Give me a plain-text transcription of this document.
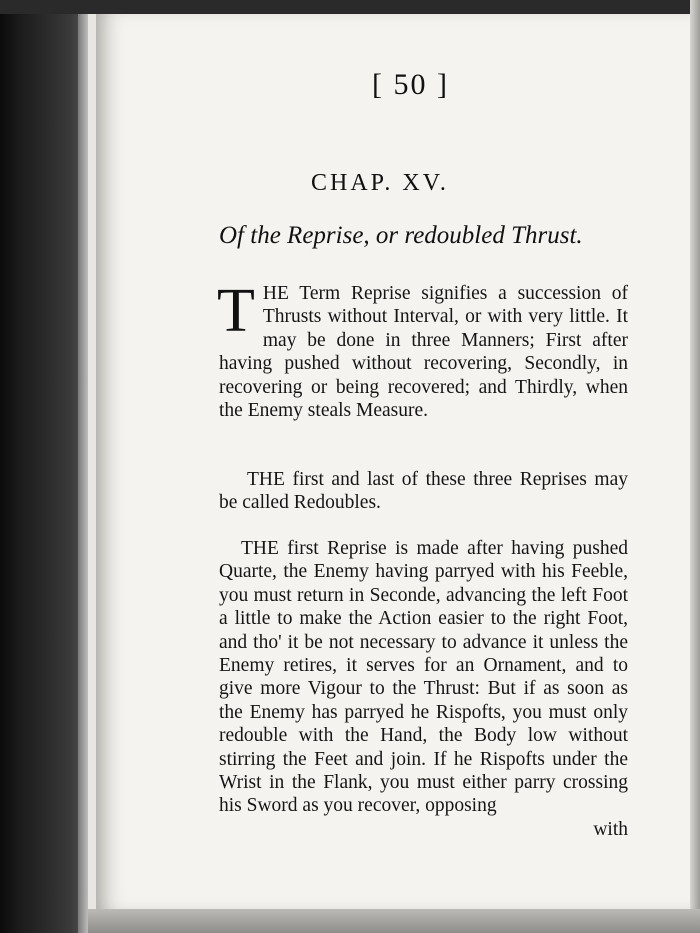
[ 50 ]
CHAP. XV.
Of the Reprise, or redoubled Thrust.
T HE Term Reprise signifies a succession of Thrusts without Interval, or with very little. It may be done in three Manners; First after having pushed without recovering, Secondly, in recovering or being recovered; and Thirdly, when the Enemy steals Measure.
THE first and last of these three Reprises may be called Redoubles.
THE first Reprise is made after having pushed Quarte, the Enemy having parryed with his Feeble, you must return in Seconde, advancing the left Foot a little to make the Action easier to the right Foot, and tho' it be not necessary to advance it unless the Enemy retires, it serves for an Ornament, and to give more Vigour to the Thrust: But if as soon as the Enemy has parryed he Rispofts, you must only redouble with the Hand, the Body low without stirring the Feet and join. If he Rispofts under the Wrist in the Flank, you must either parry crossing his Sword as you recover, opposing
with
